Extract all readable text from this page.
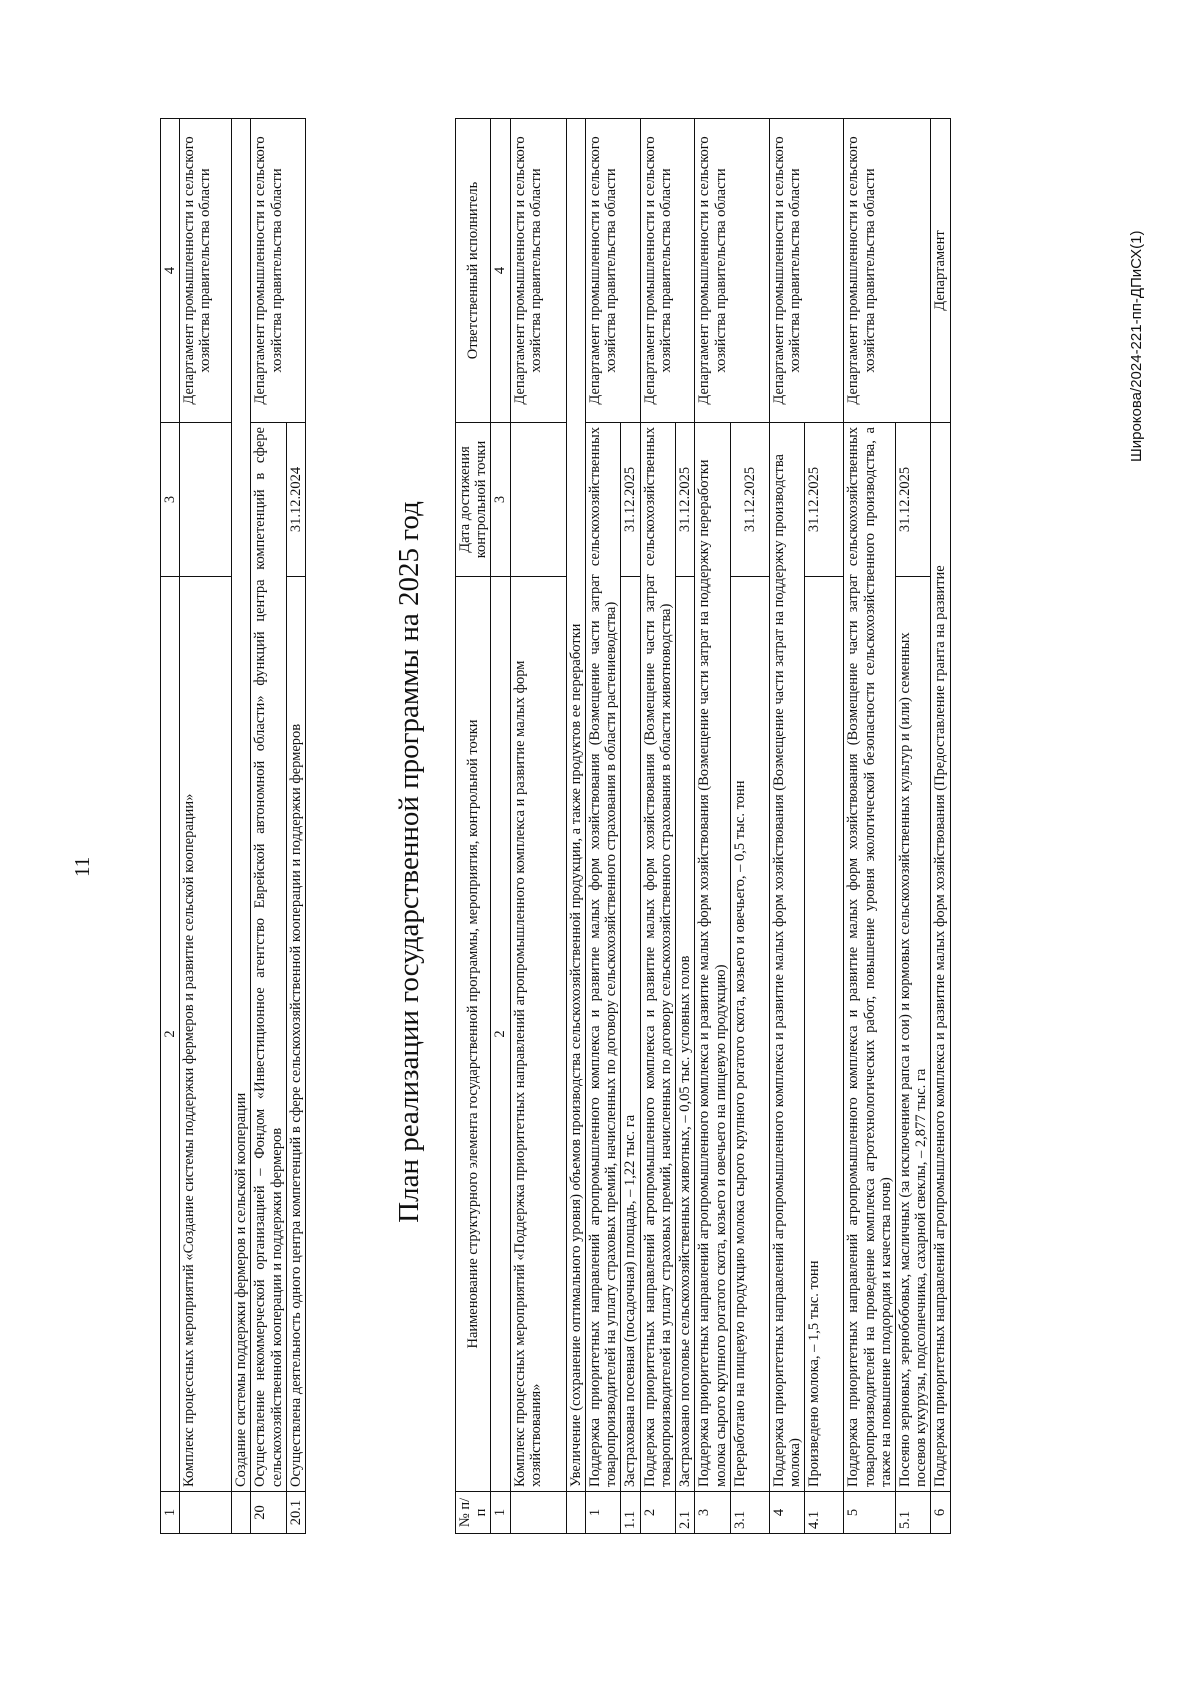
11
1	2	3	4
	Комплекс процессных мероприятий «Создание системы поддержки фермеров и развитие сельской кооперации»		Департамент промышленности и сельского хозяйства правительства области
	Создание системы поддержки фермеров и сельской кооперации		
20	Осуществление некоммерческой организацией – Фондом «Инвестиционное агентство Еврейской автономной области» функций центра компетенций в сфере сельскохозяйственной кооперации и поддержки фермеров		Департамент промышленности и сельского хозяйства правительства области
20.1	Осуществлена деятельность одного центра компетенций в сфере сельскохозяйственной кооперации и поддержки фермеров	31.12.2024	
План реализации государственной программы на 2025 год
№ п/п	Наименование структурного элемента государственной программы, мероприятия, контрольной точки	Дата достижения контрольной точки	Ответственный исполнитель
1	2	3	4
	Комплекс процессных мероприятий «Поддержка приоритетных направлений агропромышленного комплекса и развитие малых форм хозяйствования»		Департамент промышленности и сельского хозяйства правительства области
	Увеличение (сохранение оптимального уровня) объемов производства сельскохозяйственной продукции, а также продуктов ее переработки		
1	Поддержка приоритетных направлений агропромышленного комплекса и развитие малых форм хозяйствования (Возмещение части затрат сельскохозяйственных товаропроизводителей на уплату страховых премий, начисленных по договору сельскохозяйственного страхования в области растениеводства)		Департамент промышленности и сельского хозяйства правительства области
1.1	Застрахована посевная (посадочная) площадь, – 1,22 тыс. га	31.12.2025	
2	Поддержка приоритетных направлений агропромышленного комплекса и развитие малых форм хозяйствования (Возмещение части затрат сельскохозяйственных товаропроизводителей на уплату страховых премий, начисленных по договору сельскохозяйственного страхования в области животноводства)		Департамент промышленности и сельского хозяйства правительства области
2.1	Застраховано поголовье сельскохозяйственных животных, – 0,05 тыс. условных голов	31.12.2025	
3	Поддержка приоритетных направлений агропромышленного комплекса и развитие малых форм хозяйствования (Возмещение части затрат на поддержку переработки молока сырого крупного рогатого скота, козьего и овечьего на пищевую продукцию)		Департамент промышленности и сельского хозяйства правительства области
3.1	Переработано на пищевую продукцию молока сырого крупного рогатого скота, козьего и овечьего, – 0,5 тыс. тонн	31.12.2025	
4	Поддержка приоритетных направлений агропромышленного комплекса и развитие малых форм хозяйствования (Возмещение части затрат на поддержку производства молока)		Департамент промышленности и сельского хозяйства правительства области
4.1	Произведено молока, – 1,5 тыс. тонн	31.12.2025	
5	Поддержка приоритетных направлений агропромышленного комплекса и развитие малых форм хозяйствования (Возмещение части затрат сельскохозяйственных товаропроизводителей на проведение комплекса агротехнологических работ, повышение уровня экологической безопасности сельскохозяйственного производства, а также на повышение плодородия и качества почв)		Департамент промышленности и сельского хозяйства правительства области
5.1	Посеяно зерновых, зернобобовых, масличных (за исключением рапса и сои) и кормовых сельскохозяйственных культур и (или) семенных посевов кукурузы, подсолнечника, сахарной свеклы, – 2,877 тыс. га	31.12.2025	
6	Поддержка приоритетных направлений агропромышленного комплекса и развитие малых форм хозяйствования (Предоставление гранта на развитие		Департамент	Широкова/2024-221-пп-ДПиСХ(1)
